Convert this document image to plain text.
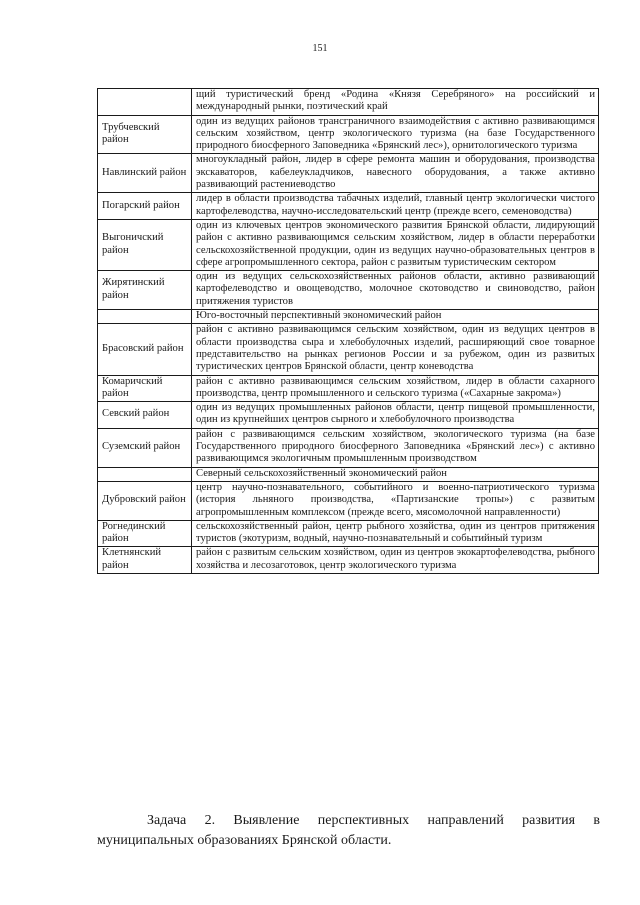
151
	щий туристический бренд «Родина «Князя Серебряного» на российский и международный рынки, поэтический край
Трубчевский район	один из ведущих районов трансграничного взаимодействия с активно развивающимся сельским хозяйством, центр экологического туризма (на базе Государственного природного биосферного Заповедника «Брянский лес»), орнитологического туризма
Навлинский район	многоукладный район, лидер в сфере ремонта машин и оборудования, производства экскаваторов, кабелеукладчиков, навесного оборудования, а также активно развивающий растениеводство
Погарский район	лидер в области производства табачных изделий, главный центр экологически чистого картофелеводства, научно-исследовательский центр (прежде всего, семеноводства)
Выгоничский район	один из ключевых центров экономического развития Брянской области, лидирующий район с активно развивающимся сельским хозяйством, лидер в области переработки сельскохозяйственной продукции, один из ведущих научно-образовательных центров в сфере агропромышленного сектора, район с развитым туристическим сектором
Жирятинский район	один из ведущих сельскохозяйственных районов области, активно развивающий картофелеводство и овощеводство, молочное скотоводство и свиноводство, район притяжения туристов
	Юго-восточный перспективный экономический район
Брасовский район	район с активно развивающимся сельским хозяйством, один из ведущих центров в области производства сыра и хлебобулочных изделий, расширяющий свое товарное представительство на рынках регионов России и за рубежом, один из развитых туристических центров Брянской области, центр коневодства
Комаричский район	район с активно развивающимся сельским хозяйством, лидер в области сахарного производства, центр промышленного и сельского туризма («Сахарные закрома»)
Севский район	один из ведущих промышленных районов области, центр пищевой промышленности, один из крупнейших центров сырного и хлебобулочного производства
Суземский район	район с развивающимся сельским хозяйством, экологического туризма (на базе Государственного природного биосферного Заповедника «Брянский лес») с активно развивающимся экологичным промышленным производством
	Северный сельскохозяйственный экономический район
Дубровский район	центр научно-познавательного, событийного и военно-патриотического туризма (история льняного производства, «Партизанские тропы») с развитым агропромышленным комплексом (прежде всего, мясомолочной направленности)
Рогнединский район	сельскохозяйственный район, центр рыбного хозяйства, один из центров притяжения туристов (экотуризм, водный, научно-познавательный и событийный туризм
Клетнянский район	район с развитым сельским хозяйством, один из центров экокартофелеводства, рыбного хозяйства и лесозаготовок, центр экологического туризма
Задача 2. Выявление перспективных направлений развития в муниципальных образованиях Брянской области.
